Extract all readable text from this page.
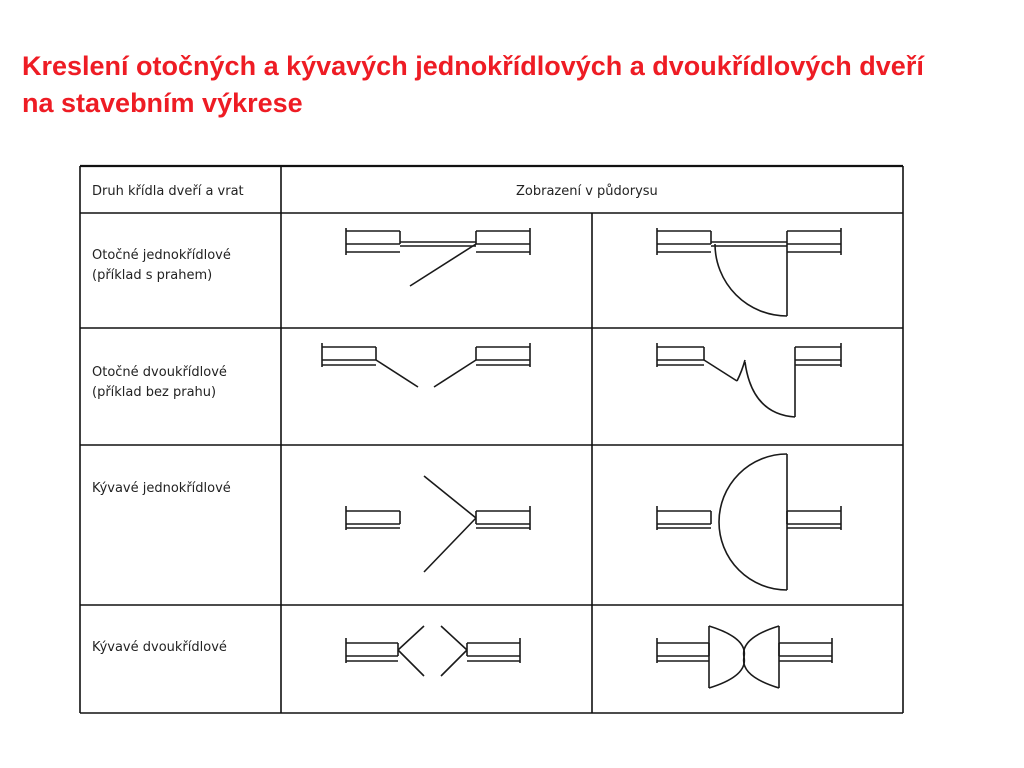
Kreslení otočných a kývavých jednokřídlových a dvoukřídlových dveří
na stavebním výkrese
Druh křídla dveří a vrat	Zobrazení v půdorysu
Otočné jednokřídlové
(příklad s prahem)
Otočné dvoukřídlové
(příklad bez prahu)
Kývavé jednokřídlové
Kývavé dvoukřídlové
